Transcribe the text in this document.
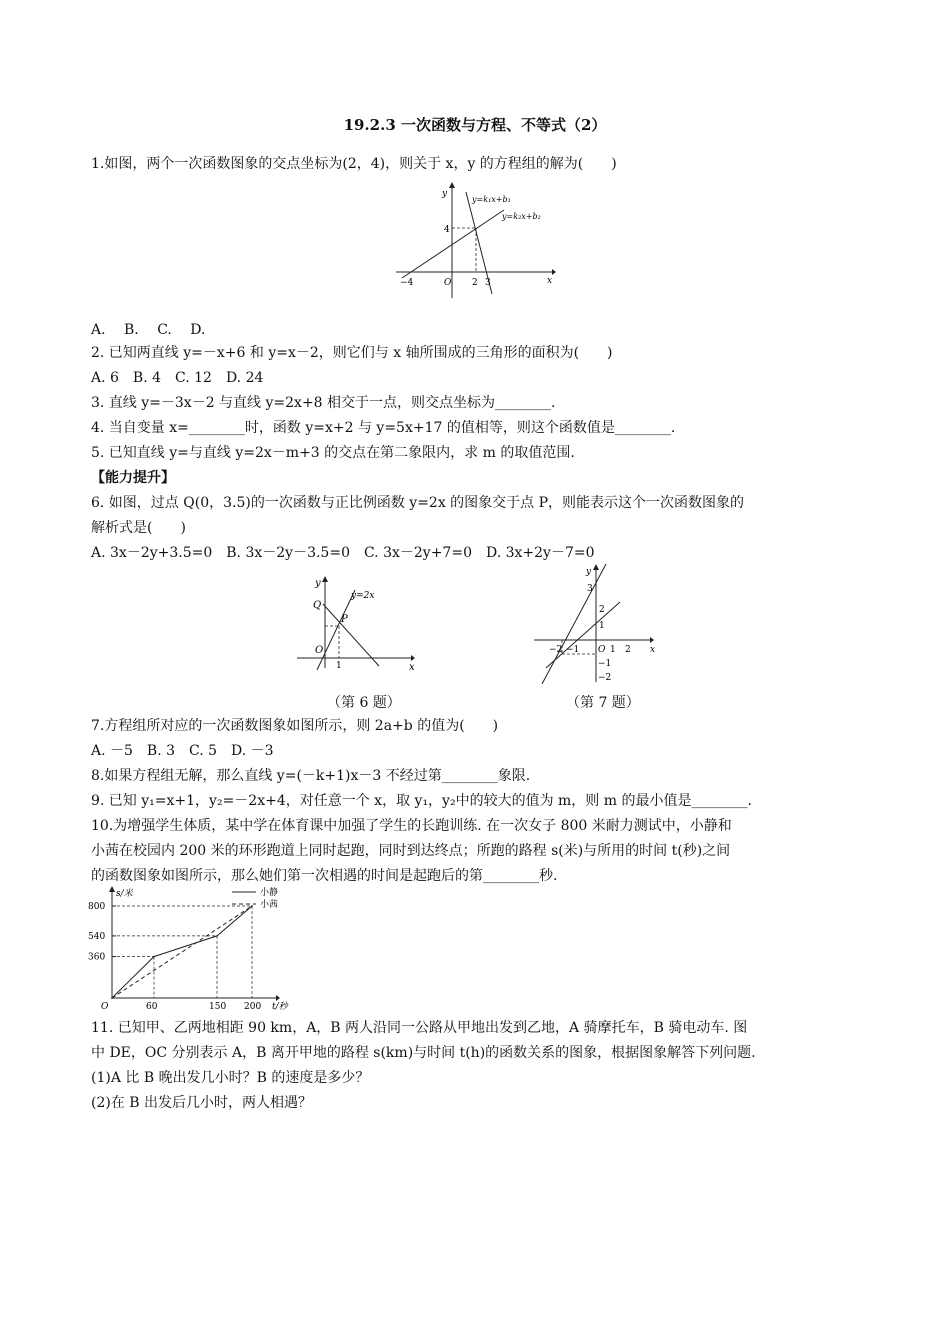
19.2.3 一次函数与方程、不等式（2）
1.如图，两个一次函数图象的交点坐标为(2，4)，则关于 x，y 的方程组的解为(　　)
y
x
O
4
−4	2 3
y=k₁x+b₁
y=k₂x+b₂
A.　 B.　 C.　 D.
2. 已知两直线 y=－x+6 和 y=x－2，则它们与 x 轴所围成的三角形的面积为(　　)
A. 6　B. 4　C. 12　D. 24
3. 直线 y=－3x－2 与直线 y=2x+8 相交于一点，则交点坐标为________.
4. 当自变量 x=________时，函数 y=x+2 与 y=5x+17 的值相等，则这个函数值是________.
5. 已知直线 y=与直线 y=2x－m+3 的交点在第二象限内，求 m 的取值范围.
【能力提升】
6. 如图，过点 Q(0，3.5)的一次函数与正比例函数 y=2x 的图象交于点 P，则能表示这个一次函数图象的
解析式是(　　)
A. 3x－2y+3.5=0　B. 3x－2y－3.5=0　C. 3x－2y+7=0　D. 3x+2y－7=0
y
x
Q
P
O
1
y=2x
（第 6 题）
y
x
O
3
2
1
−1
−2
1 2
−2 −1
（第 7 题）
7.方程组所对应的一次函数图象如图所示，则 2a+b 的值为(　　)
A. －5　B. 3　C. 5　D. －3
8.如果方程组无解，那么直线 y=(－k+1)x－3 不经过第________象限.
9. 已知 y₁=x+1，y₂=－2x+4，对任意一个 x，取 y₁，y₂中的较大的值为 m，则 m 的最小值是________.
10.为增强学生体质，某中学在体育课中加强了学生的长跑训练. 在一次女子 800 米耐力测试中，小静和
小茜在校园内 200 米的环形跑道上同时起跑，同时到达终点；所跑的路程 s(米)与所用的时间 t(秒)之间
的函数图象如图所示，那么她们第一次相遇的时间是起跑后的第________秒.
s/米
t/秒
O
360
540
800
60	150 200
小静
小茜
11. 已知甲、乙两地相距 90 km，A，B 两人沿同一公路从甲地出发到乙地，A 骑摩托车，B 骑电动车. 图
中 DE，OC 分别表示 A，B 离开甲地的路程 s(km)与时间 t(h)的函数关系的图象，根据图象解答下列问题.
(1)A 比 B 晚出发几小时？B 的速度是多少？
(2)在 B 出发后几小时，两人相遇？
